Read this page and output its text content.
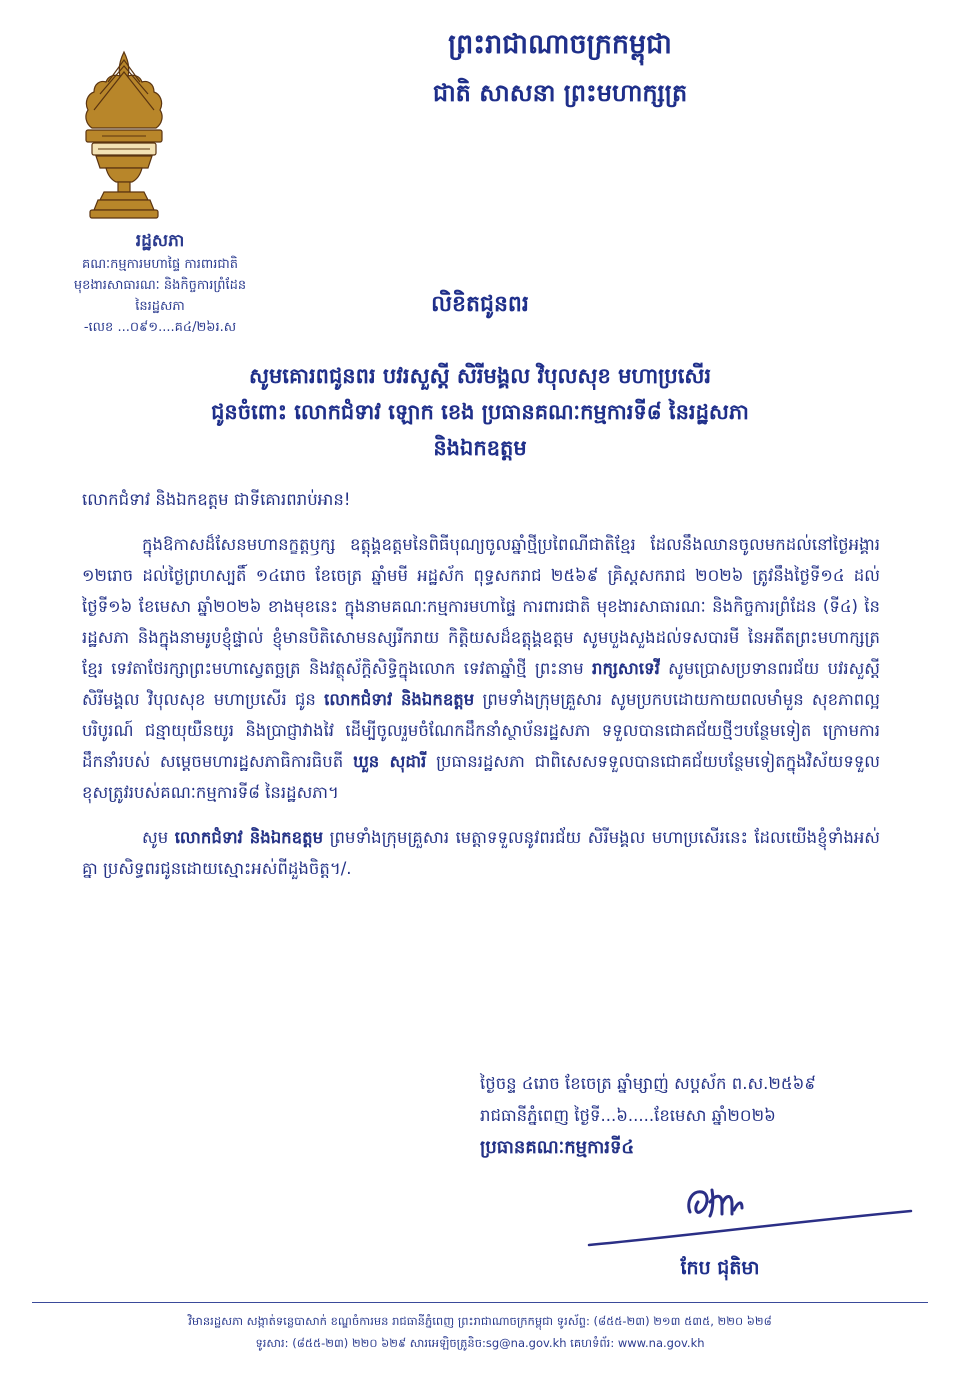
ព្រះរាជាណាចក្រកម្ពុជា
ជាតិ សាសនា ព្រះមហាក្សត្រ
រដ្ឋសភា
គណៈកម្មការមហាផ្ទៃ ការពារជាតិ
មុខងារសាធារណៈ និងកិច្ចការព្រំដែន
នៃរដ្ឋសភា
-លេខ ...០៩១....គ៤/២៦រ.ស
លិខិតជូនពរ
សូមគោរពជូនពរ បវរសួស្តី សិរីមង្គល វិបុលសុខ មហាប្រសើរ
ជូនចំពោះ លោកជំទាវ ឡោក ខេង ប្រធានគណៈកម្មការទី៨ នៃរដ្ឋសភា
និងឯកឧត្តម

លោកជំទាវ និងឯកឧត្តម ជាទីគោរពរាប់អាន!

ក្នុងឱកាសដ៏សែនមហានក្ខត្តឫក្ស ឧត្តុង្គឧត្តមនៃពិធីបុណ្យចូលឆ្នាំថ្មីប្រពៃណីជាតិខ្មែរ ដែលនឹងឈានចូលមកដល់នៅថ្ងៃអង្គារ ១២រោច ដល់ថ្ងៃព្រហស្បតិ៍ ១៤រោច ខែចេត្រ ឆ្នាំមមី អដ្ឋស័ក ពុទ្ធសករាជ ២៥៦៩ គ្រិស្តសករាជ ២០២៦ ត្រូវនឹងថ្ងៃទី១៤ ដល់ថ្ងៃទី១៦ ខែមេសា ឆ្នាំ២០២៦ ខាងមុខនេះ ក្នុងនាមគណៈកម្មការមហាផ្ទៃ ការពារជាតិ មុខងារសាធារណៈ និងកិច្ចការព្រំដែន (ទី៤) នៃរដ្ឋសភា និងក្នុងនាមរូបខ្ញុំផ្ទាល់ ខ្ញុំមានបិតិសោមនស្សរីករាយ កិត្តិយសដ៏ឧត្តុង្គឧត្តម សូមបួងសួងដល់ទសបារមី នៃអតីតព្រះមហាក្សត្រខ្មែរ ទេវតាថែរក្សាព្រះមហាស្វេតច្ឆត្រ និងវត្ថុស័ក្តិសិទ្ធិក្នុងលោក ទេវតាឆ្នាំថ្មី ព្រះនាម រាក្សសាទេវី សូមប្រោសប្រទានពរជ័យ បវរសួស្តី សិរីមង្គល វិបុលសុខ មហាប្រសើរ ជូន លោកជំទាវ និងឯកឧត្តម ព្រមទាំងក្រុមគ្រួសារ សូមប្រកបដោយកាយពលមាំមួន សុខភាពល្អបរិបូរណ៍ ជន្មាយុយឺនយូរ និងប្រាជ្ញាវាងវៃ ដើម្បីចូលរួមចំណែកដឹកនាំស្ថាប័នរដ្ឋសភា ទទួលបានជោគជ័យថ្មីៗបន្ថែមទៀត ក្រោមការដឹកនាំរបស់ សម្តេចមហារដ្ឋសភាធិការធិបតី ឃួន សុដារី ប្រធានរដ្ឋសភា ជាពិសេសទទួលបានជោគជ័យបន្ថែមទៀតក្នុងវិស័យទទួលខុសត្រូវរបស់គណៈកម្មការទី៨ នៃរដ្ឋសភា។

សូម លោកជំទាវ និងឯកឧត្តម ព្រមទាំងក្រុមគ្រួសារ មេត្តាទទួលនូវពរជ័យ សិរីមង្គល មហាប្រសើរនេះ ដែលយើងខ្ញុំទាំងអស់គ្នា ប្រសិទ្ធពរជូនដោយស្មោះអស់ពីដួងចិត្ត។/.

ថ្ងៃចន្ទ ៤រោច ខែចេត្រ ឆ្នាំម្សាញ់ សប្តស័ក ព.ស.២៥៦៩
រាជធានីភ្នំពេញ ថ្ងៃទី...៦.....ខែមេសា ឆ្នាំ២០២៦
ប្រធានគណៈកម្មការទី៤
កែប ជុតិមា
វិមានរដ្ឋសភា សង្កាត់ទន្លេបាសាក់ ខណ្ឌចំការមន រាជធានីភ្នំពេញ ព្រះរាជាណាចក្រកម្ពុជា ទូរស័ព្ទ: (៨៥៥-២៣) ២១៣ ៥៣៥, ២២០ ៦២៨
ទូរសារ: (៨៥៥-២៣) ២២០ ៦២៩ សារអេឡិចត្រូនិច:sg@na.gov.kh គេហទំព័រ: www.na.gov.kh
